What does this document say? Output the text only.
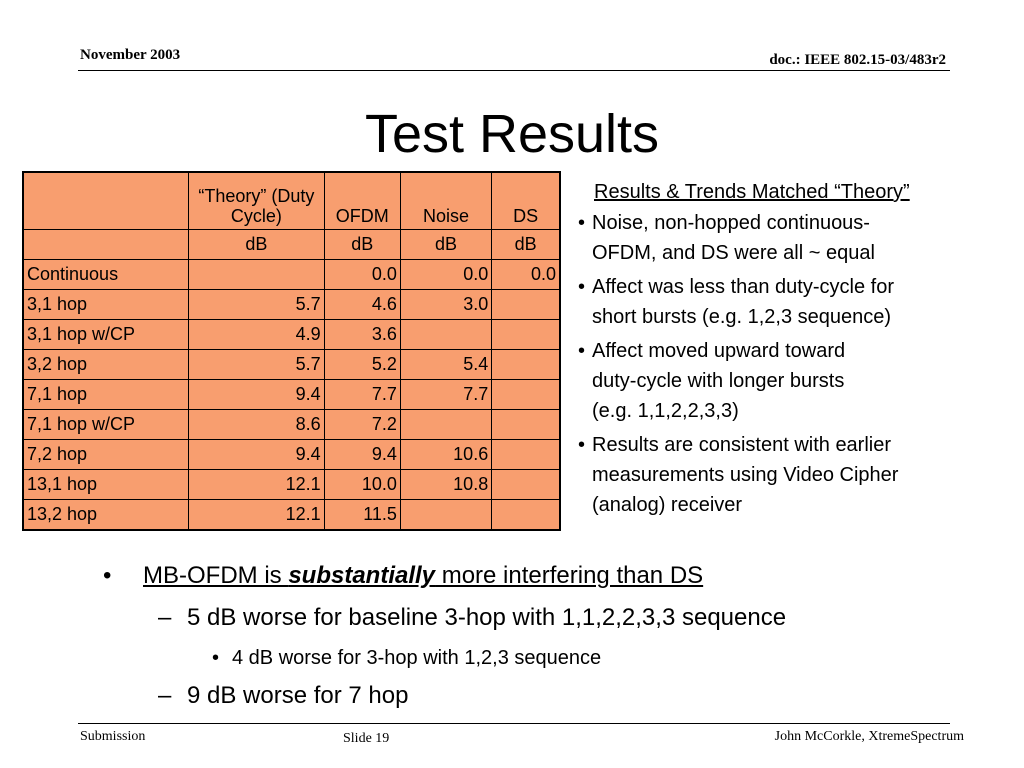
November 2003	doc.: IEEE 802.15-03/483r2
Test Results
	“Theory” (Duty Cycle)	OFDM	Noise	DS
	dB	dB	dB	dB
Continuous		0.0	0.0	0.0
3,1 hop	5.7	4.6	3.0	
3,1 hop w/CP	4.9	3.6		
3,2 hop	5.7	5.2	5.4	
7,1 hop	9.4	7.7	7.7	
7,1 hop w/CP	8.6	7.2		
7,2 hop	9.4	9.4	10.6	
13,1 hop	12.1	10.0	10.8	
13,2 hop	12.1	11.5		
Results & Trends Matched “Theory”
• Noise, non-hopped continuous-
OFDM, and DS were all ~ equal
• Affect was less than duty-cycle for
short bursts (e.g. 1,2,3 sequence)
• Affect moved upward toward
duty-cycle with longer bursts
(e.g. 1,1,2,2,3,3)
• Results are consistent with earlier
measurements using Video Cipher
(analog) receiver
• MB-OFDM is substantially more interfering than DS
– 5 dB worse for baseline 3-hop with 1,1,2,2,3,3 sequence
• 4 dB worse for 3-hop with 1,2,3 sequence
– 9 dB worse for 7 hop
Submission	Slide 19	John McCorkle, XtremeSpectrum
